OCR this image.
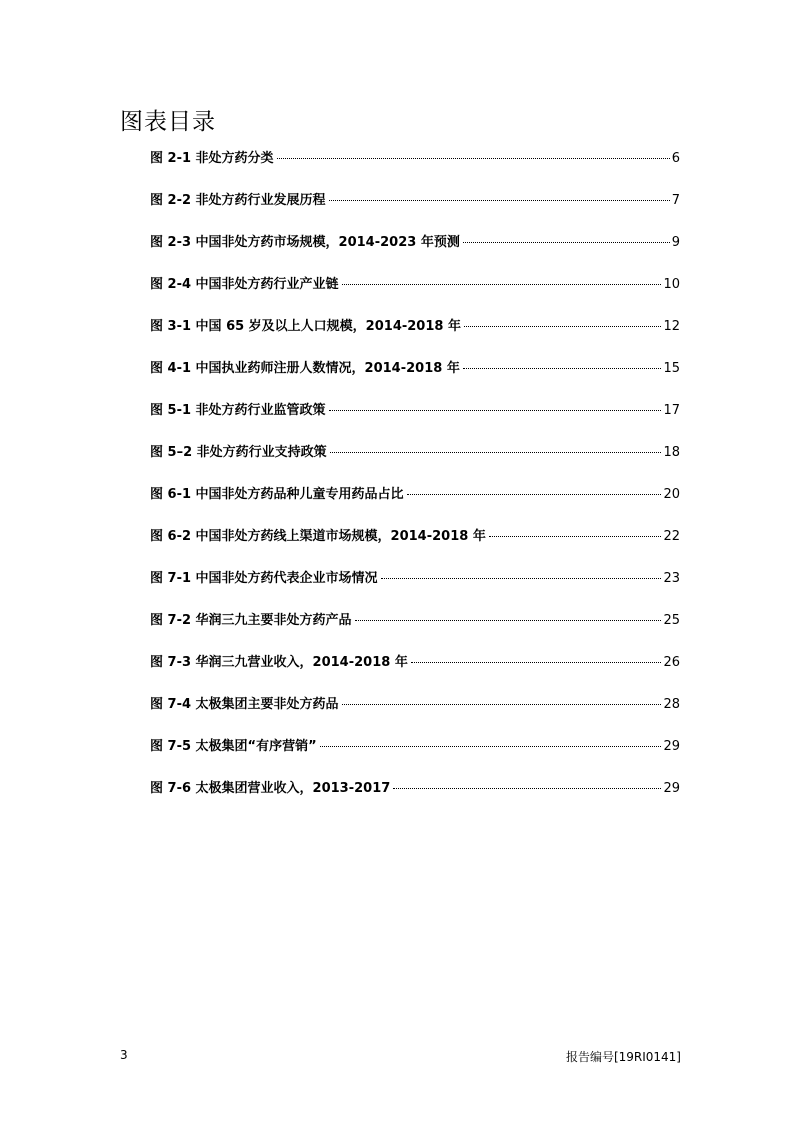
图表目录
图 2-1 非处方药分类	6
图 2-2 非处方药行业发展历程	7
图 2-3 中国非处方药市场规模，2014-2023 年预测	9
图 2-4 中国非处方药行业产业链	10
图 3-1 中国 65 岁及以上人口规模，2014-2018 年	12
图 4-1 中国执业药师注册人数情况，2014-2018 年	15
图 5-1 非处方药行业监管政策	17
图 5–2 非处方药行业支持政策	18
图 6-1 中国非处方药品种儿童专用药品占比	20
图 6-2 中国非处方药线上渠道市场规模，2014-2018 年	22
图 7-1 中国非处方药代表企业市场情况	23
图 7-2 华润三九主要非处方药产品	25
图 7-3 华润三九营业收入，2014-2018 年	26
图 7-4 太极集团主要非处方药品	28
图 7-5 太极集团“有序营销”	29
图 7-6 太极集团营业收入，2013-2017	29
3	报告编号[19RI0141]
